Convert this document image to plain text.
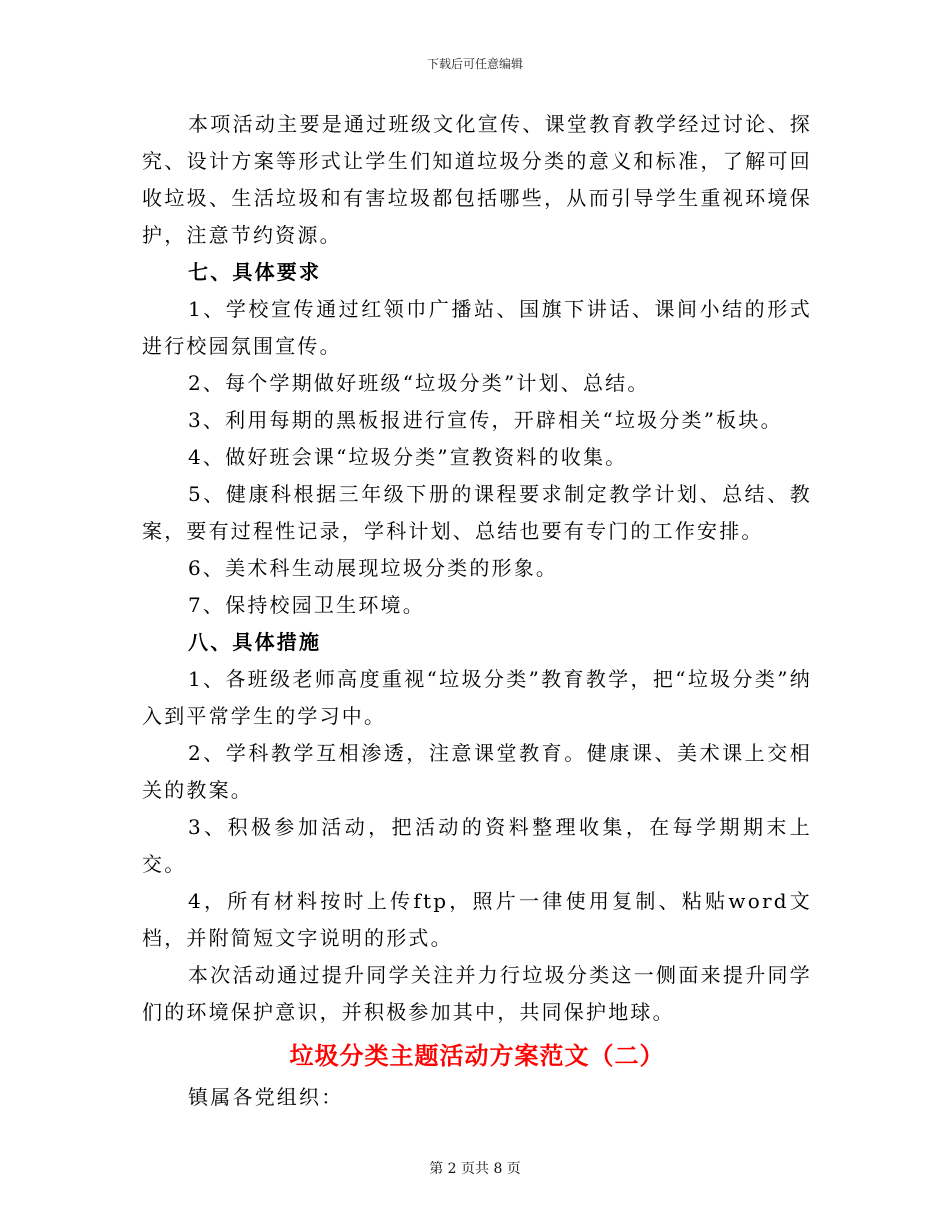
下载后可任意编辑

本项活动主要是通过班级文化宣传、课堂教育教学经过讨论、探究、设计方案等形式让学生们知道垃圾分类的意义和标准，了解可回收垃圾、生活垃圾和有害垃圾都包括哪些，从而引导学生重视环境保护，注意节约资源。

七、具体要求

1、学校宣传通过红领巾广播站、国旗下讲话、课间小结的形式进行校园氛围宣传。

2、每个学期做好班级“垃圾分类”计划、总结。

3、利用每期的黑板报进行宣传，开辟相关“垃圾分类”板块。

4、做好班会课“垃圾分类”宣教资料的收集。

5、健康科根据三年级下册的课程要求制定教学计划、总结、教案，要有过程性记录，学科计划、总结也要有专门的工作安排。

6、美术科生动展现垃圾分类的形象。

7、保持校园卫生环境。

八、具体措施

1、各班级老师高度重视“垃圾分类”教育教学，把“垃圾分类”纳入到平常学生的学习中。

2、学科教学互相渗透，注意课堂教育。健康课、美术课上交相关的教案。

3、积极参加活动，把活动的资料整理收集，在每学期期末上交。

4，所有材料按时上传ftp，照片一律使用复制、粘贴word文档，并附简短文字说明的形式。

本次活动通过提升同学关注并力行垃圾分类这一侧面来提升同学们的环境保护意识，并积极参加其中，共同保护地球。

垃圾分类主题活动方案范文（二）

镇属各党组织：

第 2 页共 8 页
